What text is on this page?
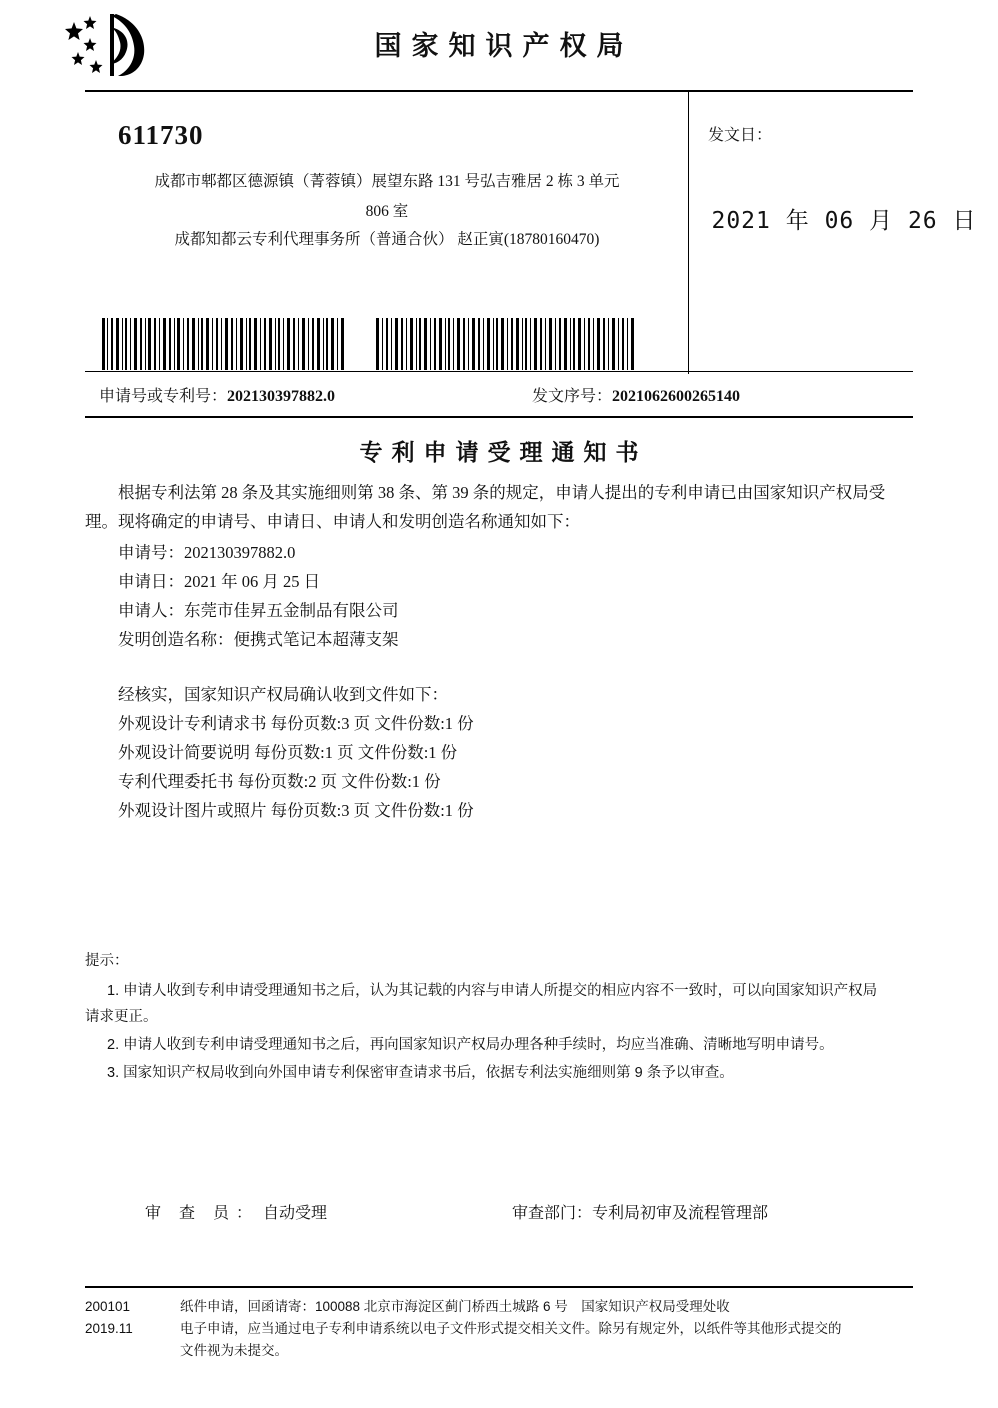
国家知识产权局
611730
成都市郫都区德源镇（菁蓉镇）展望东路 131 号弘吉雅居 2 栋 3 单元
806 室
成都知都云专利代理事务所（普通合伙） 赵正寅(18780160470)
发文日：
2021 年 06 月 26 日
申请号或专利号：202130397882.0	发文序号：2021062600265140
专利申请受理通知书

根据专利法第 28 条及其实施细则第 38 条、第 39 条的规定，申请人提出的专利申请已由国家知识产权局受理。现将确定的申请号、申请日、申请人和发明创造名称通知如下：

申请号：202130397882.0
申请日：2021 年 06 月 25 日
申请人：东莞市佳昇五金制品有限公司
发明创造名称：便携式笔记本超薄支架
经核实，国家知识产权局确认收到文件如下：
外观设计专利请求书 每份页数:3 页 文件份数:1 份
外观设计简要说明 每份页数:1 页 文件份数:1 份
专利代理委托书 每份页数:2 页 文件份数:1 份
外观设计图片或照片 每份页数:3 页 文件份数:1 份
提示：
1. 申请人收到专利申请受理通知书之后，认为其记载的内容与申请人所提交的相应内容不一致时，可以向国家知识产权局
请求更正。
2. 申请人收到专利申请受理通知书之后，再向国家知识产权局办理各种手续时，均应当准确、清晰地写明申请号。
3. 国家知识产权局收到向外国申请专利保密审查请求书后，依据专利法实施细则第 9 条予以审查。
审 查 员： 自动受理	审查部门：专利局初审及流程管理部
200101
2019.11
纸件申请，回函请寄：100088 北京市海淀区蓟门桥西土城路 6 号　国家知识产权局受理处收
电子申请，应当通过电子专利申请系统以电子文件形式提交相关文件。除另有规定外，以纸件等其他形式提交的
文件视为未提交。
